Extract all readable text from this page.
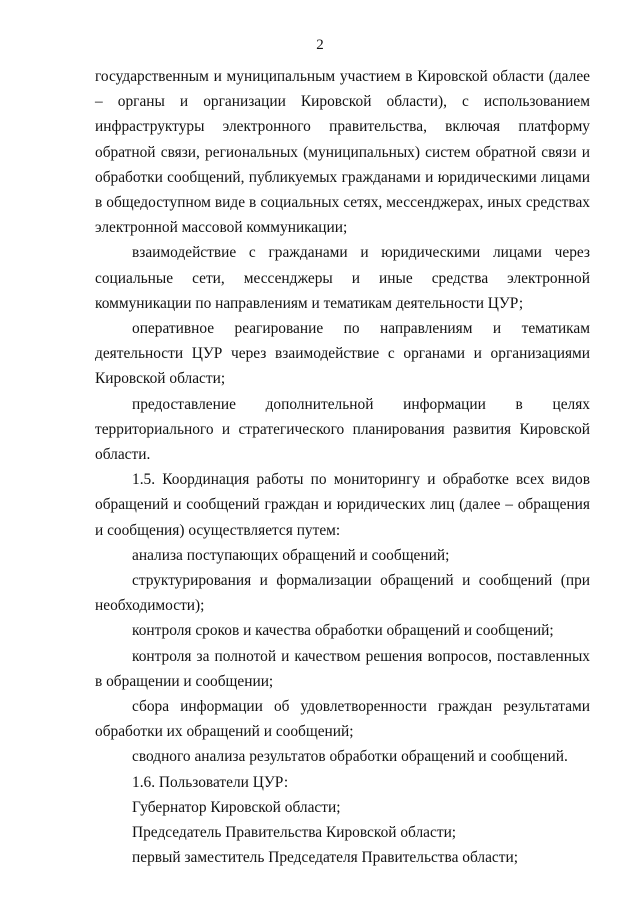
2

государственным и муниципальным участием в Кировской области (далее – органы и организации Кировской области), с использованием инфраструктуры электронного правительства, включая платформу обратной связи, региональных (муниципальных) систем обратной связи и обработки сообщений, публикуемых гражданами и юридическими лицами в общедоступном виде в социальных сетях, мессенджерах, иных средствах электронной массовой коммуникации;

взаимодействие с гражданами и юридическими лицами через социальные сети, мессенджеры и иные средства электронной коммуникации по направлениям и тематикам деятельности ЦУР;

оперативное реагирование по направлениям и тематикам деятельности ЦУР через взаимодействие с органами и организациями Кировской области;

предоставление дополнительной информации в целях территориального и стратегического планирования развития Кировской области.

1.5. Координация работы по мониторингу и обработке всех видов обращений и сообщений граждан и юридических лиц (далее – обращения и сообщения) осуществляется путем:

анализа поступающих обращений и сообщений;

структурирования и формализации обращений и сообщений (при необходимости);

контроля сроков и качества обработки обращений и сообщений;

контроля за полнотой и качеством решения вопросов, поставленных в обращении и сообщении;

сбора информации об удовлетворенности граждан результатами обработки их обращений и сообщений;

сводного анализа результатов обработки обращений и сообщений.

1.6. Пользователи ЦУР:

Губернатор Кировской области;

Председатель Правительства Кировской области;

первый заместитель Председателя Правительства области;
